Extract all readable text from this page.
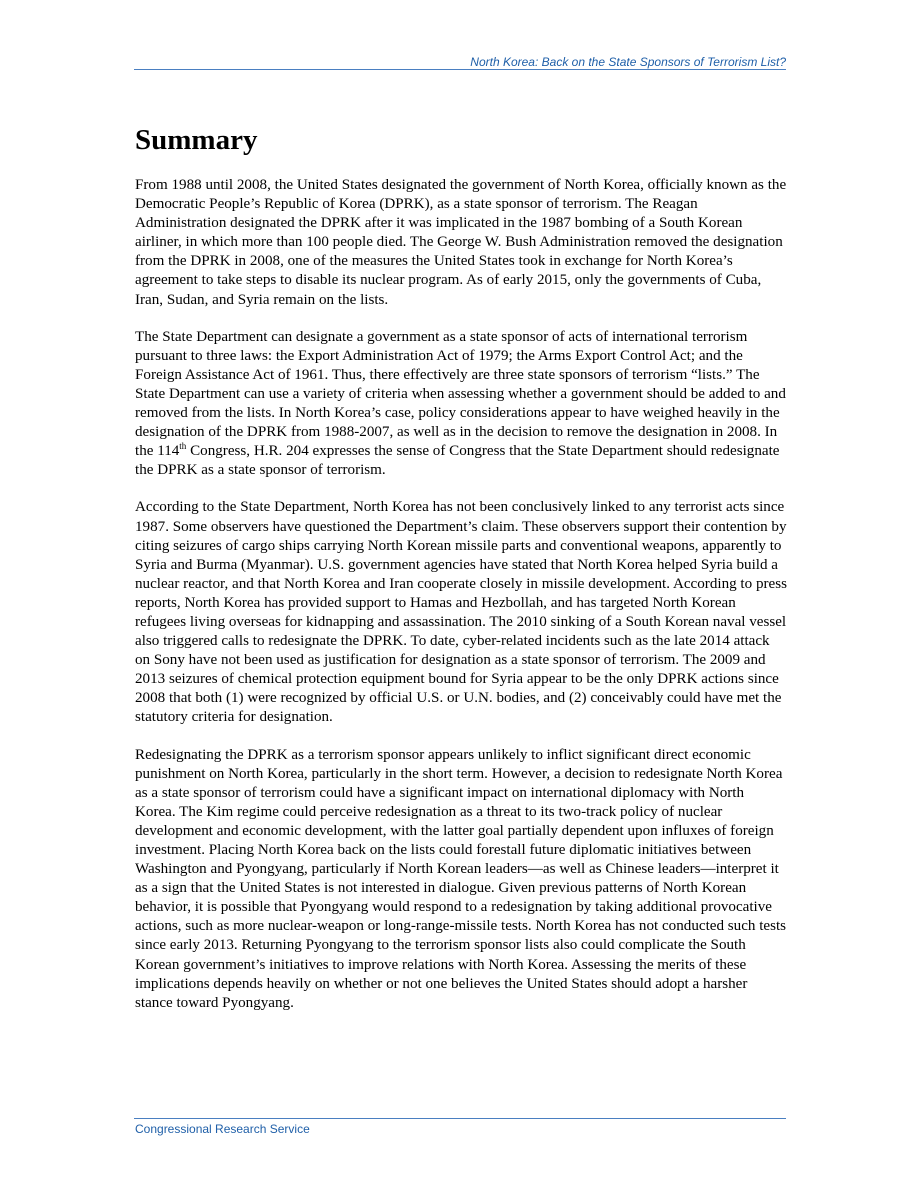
North Korea: Back on the State Sponsors of Terrorism List?
Summary

From 1988 until 2008, the United States designated the government of North Korea, officially known as the Democratic People’s Republic of Korea (DPRK), as a state sponsor of terrorism. The Reagan Administration designated the DPRK after it was implicated in the 1987 bombing of a South Korean airliner, in which more than 100 people died. The George W. Bush Administration removed the designation from the DPRK in 2008, one of the measures the United States took in exchange for North Korea’s agreement to take steps to disable its nuclear program. As of early 2015, only the governments of Cuba, Iran, Sudan, and Syria remain on the lists.

The State Department can designate a government as a state sponsor of acts of international terrorism pursuant to three laws: the Export Administration Act of 1979; the Arms Export Control Act; and the Foreign Assistance Act of 1961. Thus, there effectively are three state sponsors of terrorism “lists.” The State Department can use a variety of criteria when assessing whether a government should be added to and removed from the lists. In North Korea’s case, policy considerations appear to have weighed heavily in the designation of the DPRK from 1988-2007, as well as in the decision to remove the designation in 2008. In the 114th Congress, H.R. 204 expresses the sense of Congress that the State Department should redesignate the DPRK as a state sponsor of terrorism.

According to the State Department, North Korea has not been conclusively linked to any terrorist acts since 1987. Some observers have questioned the Department’s claim. These observers support their contention by citing seizures of cargo ships carrying North Korean missile parts and conventional weapons, apparently to Syria and Burma (Myanmar). U.S. government agencies have stated that North Korea helped Syria build a nuclear reactor, and that North Korea and Iran cooperate closely in missile development. According to press reports, North Korea has provided support to Hamas and Hezbollah, and has targeted North Korean refugees living overseas for kidnapping and assassination. The 2010 sinking of a South Korean naval vessel also triggered calls to redesignate the DPRK. To date, cyber-related incidents such as the late 2014 attack on Sony have not been used as justification for designation as a state sponsor of terrorism. The 2009 and 2013 seizures of chemical protection equipment bound for Syria appear to be the only DPRK actions since 2008 that both (1) were recognized by official U.S. or U.N. bodies, and (2) conceivably could have met the statutory criteria for designation.

Redesignating the DPRK as a terrorism sponsor appears unlikely to inflict significant direct economic punishment on North Korea, particularly in the short term. However, a decision to redesignate North Korea as a state sponsor of terrorism could have a significant impact on international diplomacy with North Korea. The Kim regime could perceive redesignation as a threat to its two-track policy of nuclear development and economic development, with the latter goal partially dependent upon influxes of foreign investment. Placing North Korea back on the lists could forestall future diplomatic initiatives between Washington and Pyongyang, particularly if North Korean leaders—as well as Chinese leaders—interpret it as a sign that the United States is not interested in dialogue. Given previous patterns of North Korean behavior, it is possible that Pyongyang would respond to a redesignation by taking additional provocative actions, such as more nuclear-weapon or long-range-missile tests. North Korea has not conducted such tests since early 2013. Returning Pyongyang to the terrorism sponsor lists also could complicate the South Korean government’s initiatives to improve relations with North Korea. Assessing the merits of these implications depends heavily on whether or not one believes the United States should adopt a harsher stance toward Pyongyang.

Congressional Research Service
